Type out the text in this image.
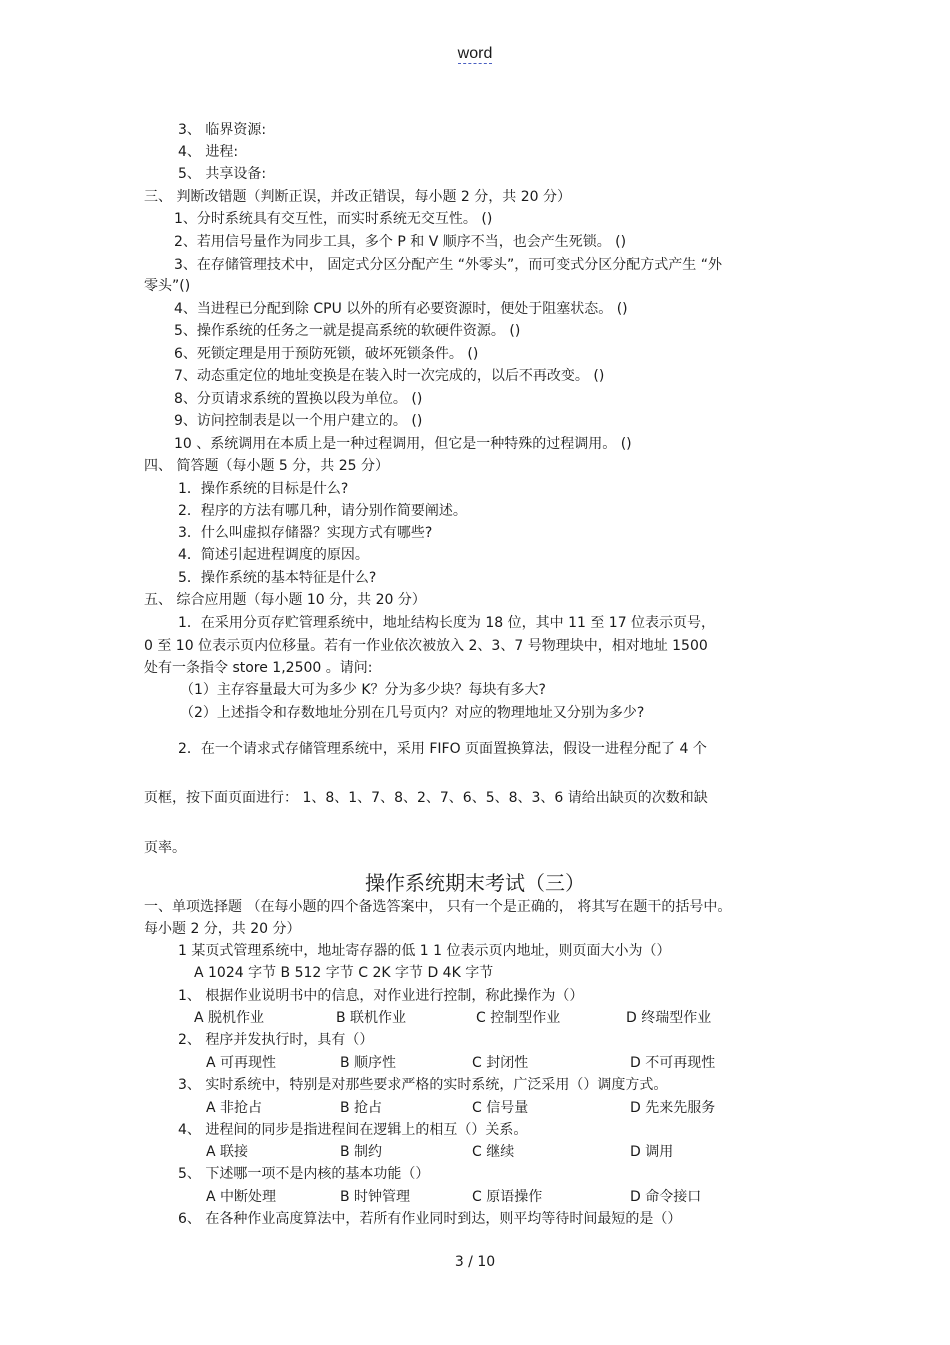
word
3、 临界资源:
4、 进程:
5、 共享设备:
三、 判断改错题（判断正误，并改正错误，每小题 2 分，共 20 分）
1、分时系统具有交互性，而实时系统无交互性。 ()
2、若用信号量作为同步工具，多个 P 和 V 顺序不当，也会产生死锁。 ()
3、在存储管理技术中， 固定式分区分配产生 “外零头”，而可变式分区分配方式产生 “外
零头”()
4、当进程已分配到除 CPU 以外的所有必要资源时，便处于阻塞状态。 ()
5、操作系统的任务之一就是提高系统的软硬件资源。 ()
6、死锁定理是用于预防死锁，破坏死锁条件。 ()
7、动态重定位的地址变换是在装入时一次完成的，以后不再改变。 ()
8、分页请求系统的置换以段为单位。 ()
9、访问控制表是以一个用户建立的。 ()
10 、系统调用在本质上是一种过程调用，但它是一种特殊的过程调用。 ()
四、 简答题（每小题 5 分，共 25 分）
1．操作系统的目标是什么?
2．程序的方法有哪几种，请分别作简要阐述。
3．什么叫虚拟存储器？实现方式有哪些?
4．简述引起进程调度的原因。
5．操作系统的基本特征是什么?
五、 综合应用题（每小题 10 分，共 20 分）
1．在采用分页存贮管理系统中，地址结构长度为 18 位，其中 11 至 17 位表示页号，
0 至 10 位表示页内位移量。若有一作业依次被放入 2、3、7 号物理块中，相对地址 1500
处有一条指令 store 1,2500 。请问:
（1）主存容量最大可为多少 K？分为多少块？每块有多大?
（2）上述指令和存数地址分别在几号页内？对应的物理地址又分别为多少?
2．在一个请求式存储管理系统中，采用 FIFO 页面置换算法，假设一进程分配了 4 个
页框，按下面页面进行： 1、8、1、7、8、2、7、6、5、8、3、6 请给出缺页的次数和缺
页率。
操作系统期末考试（三）
一、单项选择题 （在每小题的四个备选答案中， 只有一个是正确的， 将其写在题干的括号中。
每小题 2 分，共 20 分）
1 某页式管理系统中，地址寄存器的低 1 1 位表示页内地址，则页面大小为（）
A 1024 字节 B 512 字节 C 2K 字节 D 4K 字节
1、 根据作业说明书中的信息，对作业进行控制，称此操作为（）
A 脱机作业	B 联机作业	C 控制型作业	D 终瑞型作业
2、 程序并发执行时，具有（）
A 可再现性	B 顺序性	C 封闭性	D 不可再现性
3、 实时系统中，特别是对那些要求严格的实时系统，广泛采用（）调度方式。
A 非抢占	B 抢占	C 信号量	D 先来先服务
4、 进程间的同步是指进程间在逻辑上的相互（）关系。
A 联接	B 制约	C 继续	D 调用
5、 下述哪一项不是内核的基本功能（）
A 中断处理	B 时钟管理	C 原语操作	D 命令接口
6、 在各种作业高度算法中，若所有作业同时到达，则平均等待时间最短的是（）
3 / 10
